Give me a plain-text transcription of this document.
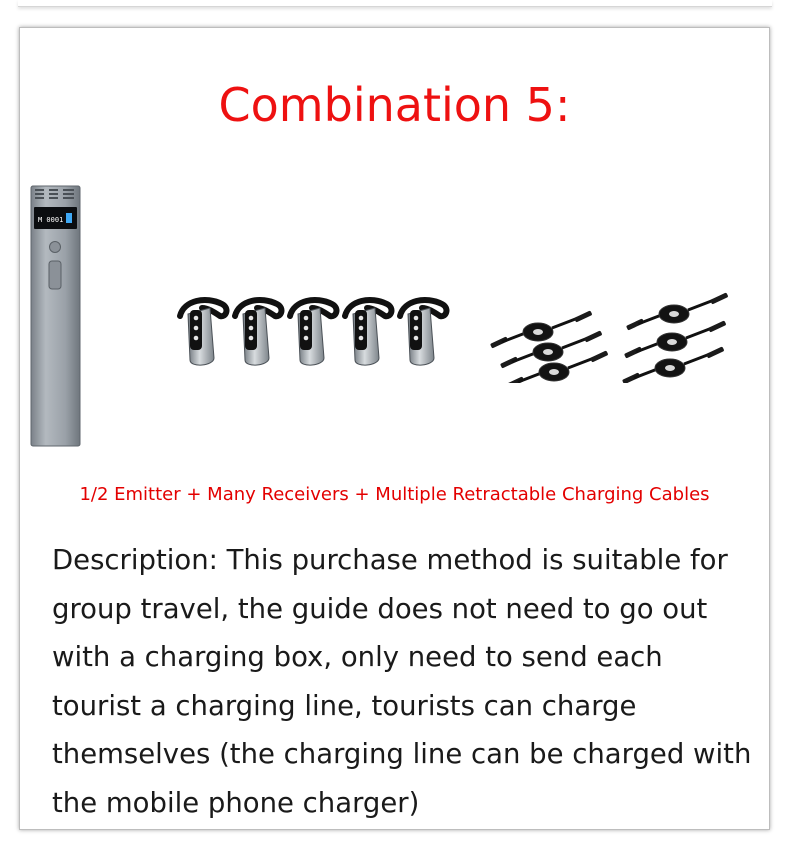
Combination 5:
M 0001
1/2 Emitter + Many Receivers + Multiple Retractable Charging Cables

Description: This purchase method is suitable for group travel, the guide does not need to go out with a charging box, only need to send each tourist a charging line, tourists can charge themselves (the charging line can be charged with the mobile phone charger)
